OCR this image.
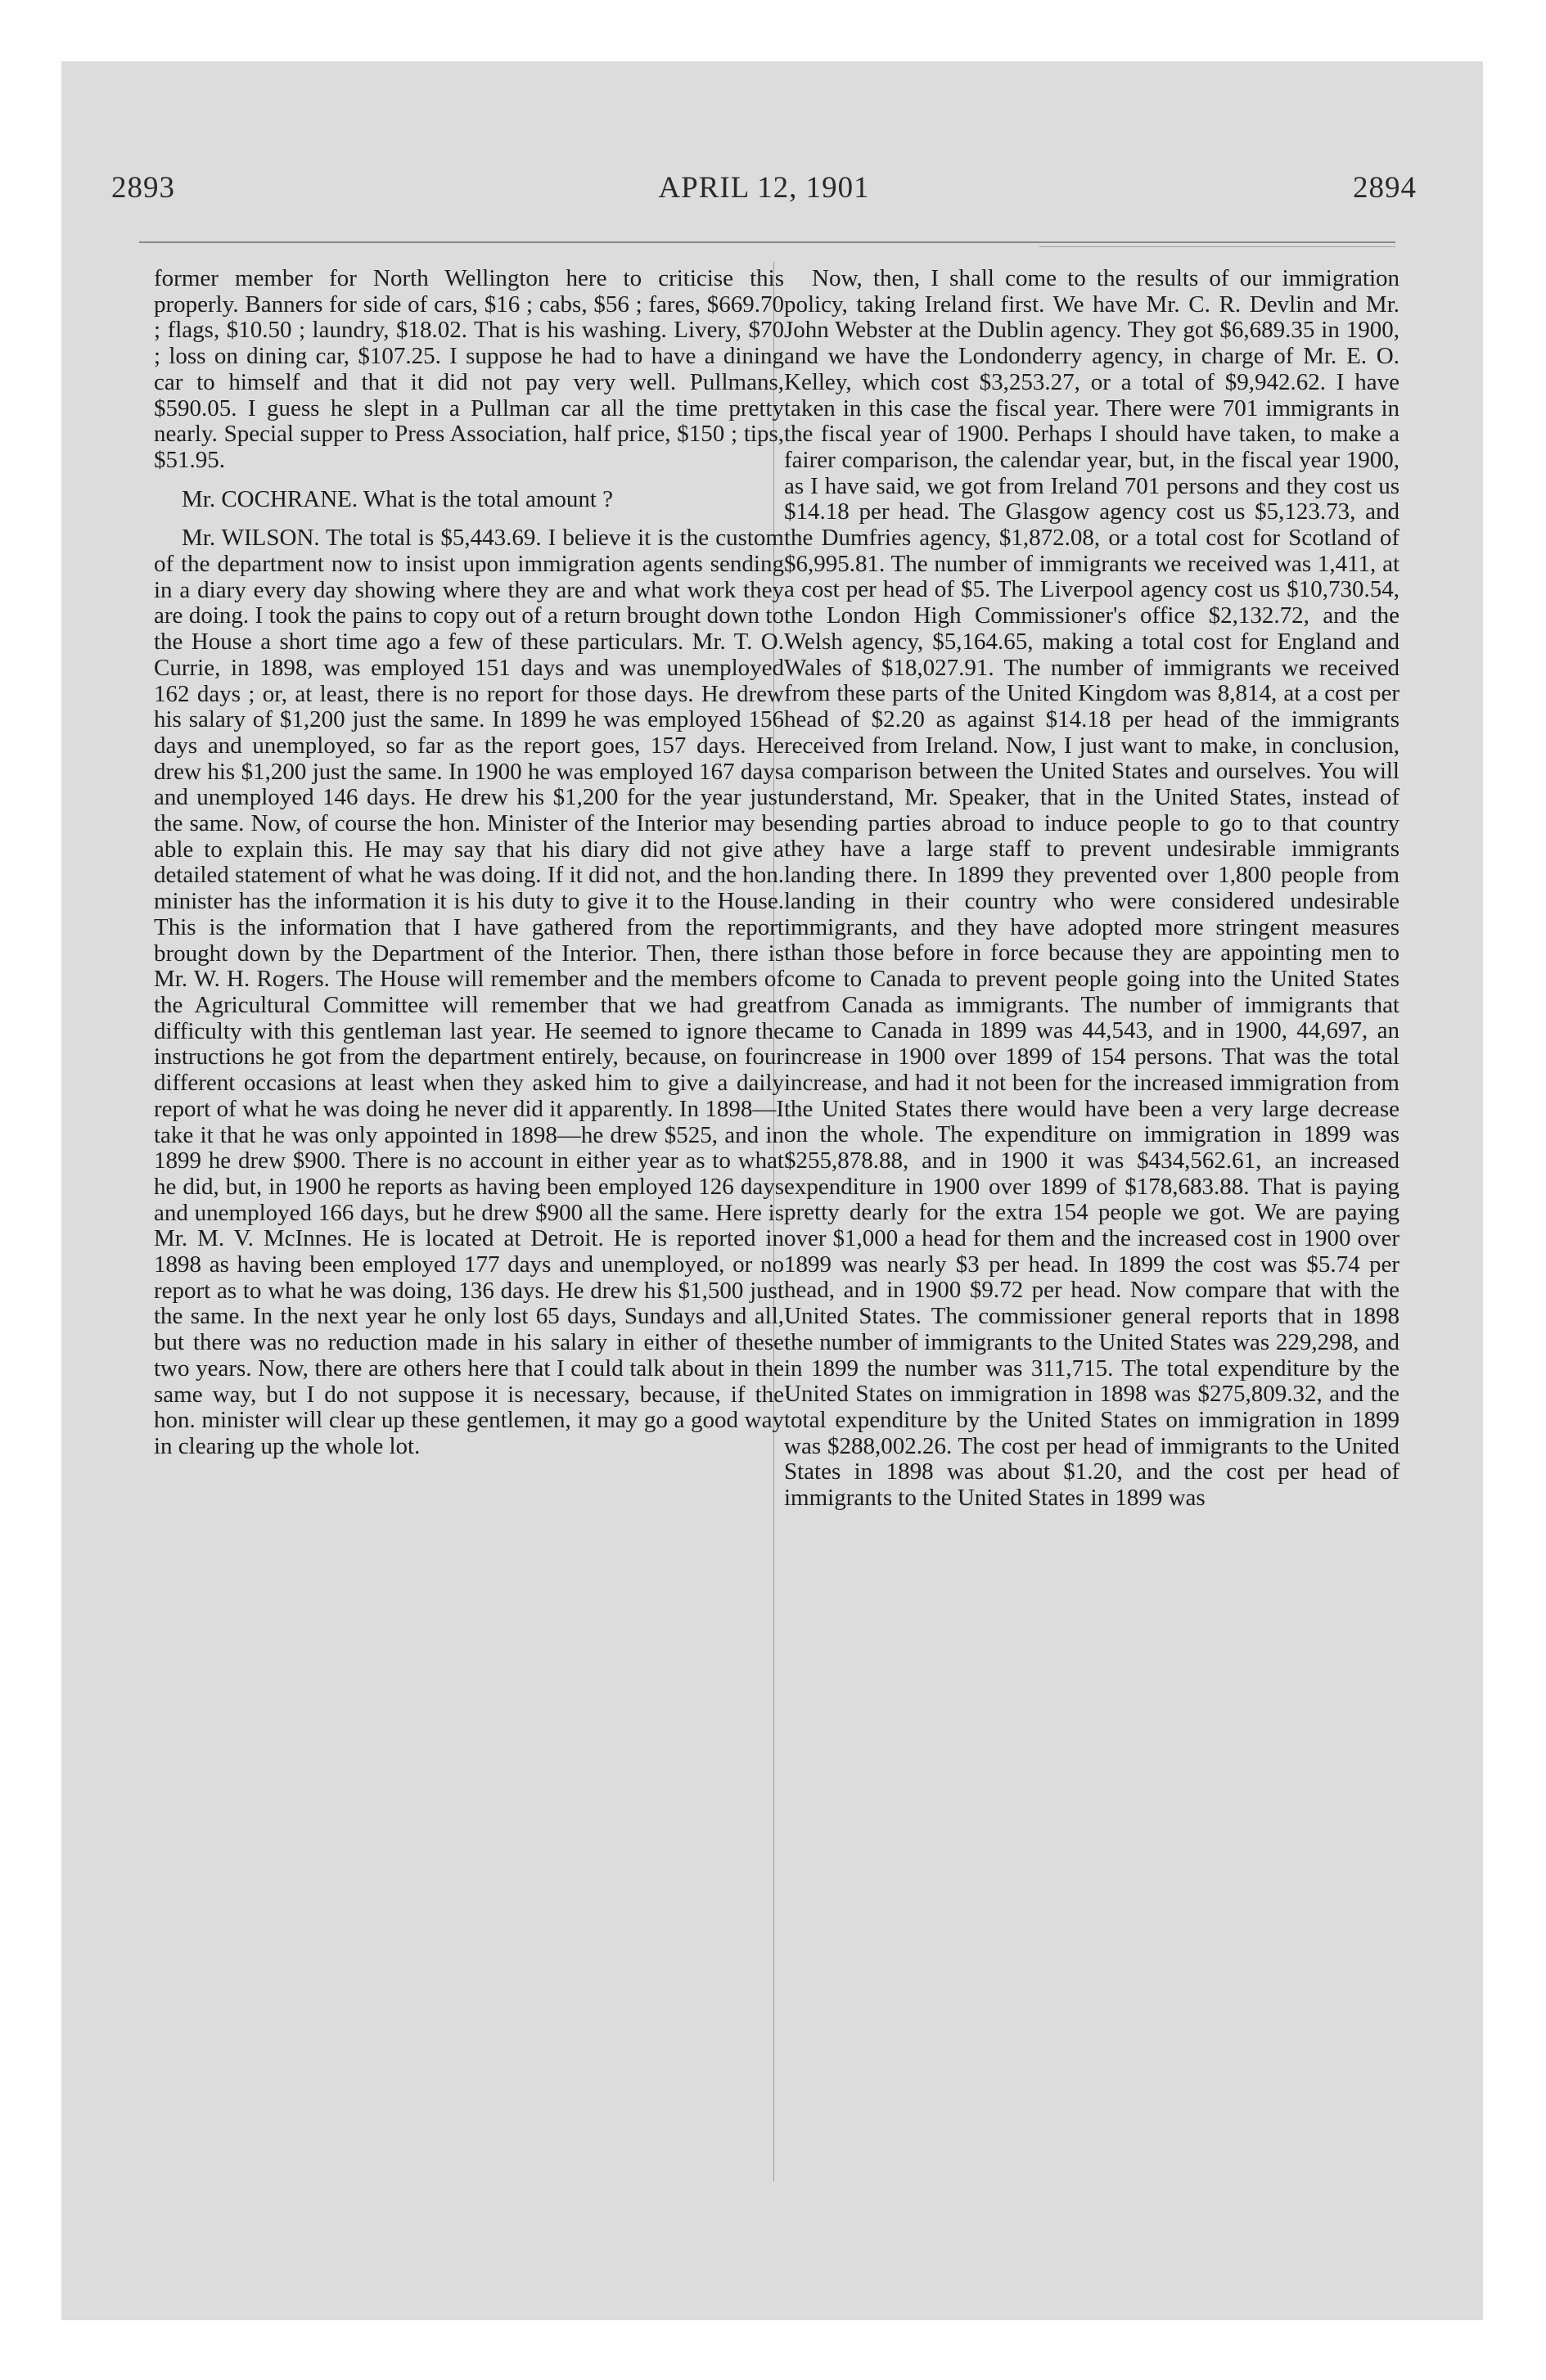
2893	APRIL 12, 1901	2894

former member for North Wellington here to criticise this properly. Banners for side of cars, $16 ; cabs, $56 ; fares, $669.70 ; flags, $10.50 ; laundry, $18.02. That is his washing. Livery, $70 ; loss on dining car, $107.25. I suppose he had to have a dining car to himself and that it did not pay very well. Pullmans, $590.05. I guess he slept in a Pullman car all the time pretty nearly. Special supper to Press Association, half price, $150 ; tips, $51.95.

Mr. COCHRANE. What is the total amount ?

Mr. WILSON. The total is $5,443.69. I believe it is the custom of the department now to insist upon immigration agents sending in a diary every day showing where they are and what work they are doing. I took the pains to copy out of a return brought down to the House a short time ago a few of these particulars. Mr. T. O. Currie, in 1898, was employed 151 days and was unemployed 162 days ; or, at least, there is no report for those days. He drew his salary of $1,200 just the same. In 1899 he was employed 156 days and unemployed, so far as the report goes, 157 days. He drew his $1,200 just the same. In 1900 he was employed 167 days and unemployed 146 days. He drew his $1,200 for the year just the same. Now, of course the hon. Minister of the Interior may be able to explain this. He may say that his diary did not give a detailed statement of what he was doing. If it did not, and the hon. minister has the information it is his duty to give it to the House. This is the information that I have gathered from the report brought down by the Department of the Interior. Then, there is Mr. W. H. Rogers. The House will remember and the members of the Agricultural Committee will remember that we had great difficulty with this gentleman last year. He seemed to ignore the instructions he got from the department entirely, because, on four different occasions at least when they asked him to give a daily report of what he was doing he never did it apparently. In 1898—I take it that he was only appointed in 1898—he drew $525, and in 1899 he drew $900. There is no account in either year as to what he did, but, in 1900 he reports as having been employed 126 days and unemployed 166 days, but he drew $900 all the same. Here is Mr. M. V. McInnes. He is located at Detroit. He is reported in 1898 as having been employed 177 days and unemployed, or no report as to what he was doing, 136 days. He drew his $1,500 just the same. In the next year he only lost 65 days, Sundays and all, but there was no reduction made in his salary in either of these two years. Now, there are others here that I could talk about in the same way, but I do not suppose it is necessary, because, if the hon. minister will clear up these gentlemen, it may go a good way in clearing up the whole lot.

Now, then, I shall come to the results of our immigration policy, taking Ireland first. We have Mr. C. R. Devlin and Mr. John Webster at the Dublin agency. They got $6,689.35 in 1900, and we have the Londonderry agency, in charge of Mr. E. O. Kelley, which cost $3,253.27, or a total of $9,942.62. I have taken in this case the fiscal year. There were 701 immigrants in the fiscal year of 1900. Perhaps I should have taken, to make a fairer comparison, the calendar year, but, in the fiscal year 1900, as I have said, we got from Ireland 701 persons and they cost us $14.18 per head. The Glasgow agency cost us $5,123.73, and the Dumfries agency, $1,872.08, or a total cost for Scotland of $6,995.81. The number of immigrants we received was 1,411, at a cost per head of $5. The Liverpool agency cost us $10,730.54, the London High Commissioner's office $2,132.72, and the Welsh agency, $5,164.65, making a total cost for England and Wales of $18,027.91. The number of immigrants we received from these parts of the United Kingdom was 8,814, at a cost per head of $2.20 as against $14.18 per head of the immigrants received from Ireland. Now, I just want to make, in conclusion, a comparison between the United States and ourselves. You will understand, Mr. Speaker, that in the United States, instead of sending parties abroad to induce people to go to that country they have a large staff to prevent undesirable immigrants landing there. In 1899 they prevented over 1,800 people from landing in their country who were considered undesirable immigrants, and they have adopted more stringent measures than those before in force because they are appointing men to come to Canada to prevent people going into the United States from Canada as immigrants. The number of immigrants that came to Canada in 1899 was 44,543, and in 1900, 44,697, an increase in 1900 over 1899 of 154 persons. That was the total increase, and had it not been for the increased immigration from the United States there would have been a very large decrease on the whole. The expenditure on immigration in 1899 was $255,878.88, and in 1900 it was $434,562.61, an increased expenditure in 1900 over 1899 of $178,683.88. That is paying pretty dearly for the extra 154 people we got. We are paying over $1,000 a head for them and the increased cost in 1900 over 1899 was nearly $3 per head. In 1899 the cost was $5.74 per head, and in 1900 $9.72 per head. Now compare that with the United States. The commissioner general reports that in 1898 the number of immigrants to the United States was 229,298, and in 1899 the number was 311,715. The total expenditure by the United States on immigration in 1898 was $275,809.32, and the total expenditure by the United States on immigration in 1899 was $288,002.26. The cost per head of immigrants to the United States in 1898 was about $1.20, and the cost per head of immigrants to the United States in 1899 was
